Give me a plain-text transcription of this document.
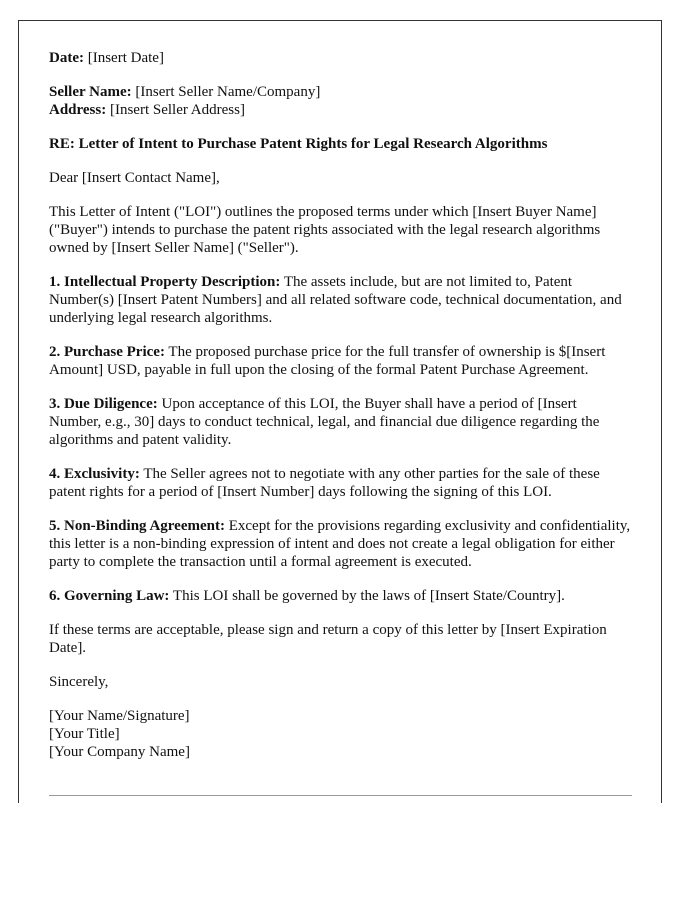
Date: [Insert Date]

Seller Name: [Insert Seller Name/Company]

Address: [Insert Seller Address]

RE: Letter of Intent to Purchase Patent Rights for Legal Research Algorithms

Dear [Insert Contact Name],

This Letter of Intent ("LOI") outlines the proposed terms under which [Insert Buyer Name] ("Buyer") intends to purchase the patent rights associated with the legal research algorithms owned by [Insert Seller Name] ("Seller").

1. Intellectual Property Description: The assets include, but are not limited to, Patent Number(s) [Insert Patent Numbers] and all related software code, technical documentation, and underlying legal research algorithms.

2. Purchase Price: The proposed purchase price for the full transfer of ownership is $[Insert Amount] USD, payable in full upon the closing of the formal Patent Purchase Agreement.

3. Due Diligence: Upon acceptance of this LOI, the Buyer shall have a period of [Insert Number, e.g., 30] days to conduct technical, legal, and financial due diligence regarding the algorithms and patent validity.

4. Exclusivity: The Seller agrees not to negotiate with any other parties for the sale of these patent rights for a period of [Insert Number] days following the signing of this LOI.

5. Non-Binding Agreement: Except for the provisions regarding exclusivity and confidentiality, this letter is a non-binding expression of intent and does not create a legal obligation for either party to complete the transaction until a formal agreement is executed.

6. Governing Law: This LOI shall be governed by the laws of [Insert State/Country].

If these terms are acceptable, please sign and return a copy of this letter by [Insert Expiration Date].

Sincerely,

[Your Name/Signature]

[Your Title]

[Your Company Name]
